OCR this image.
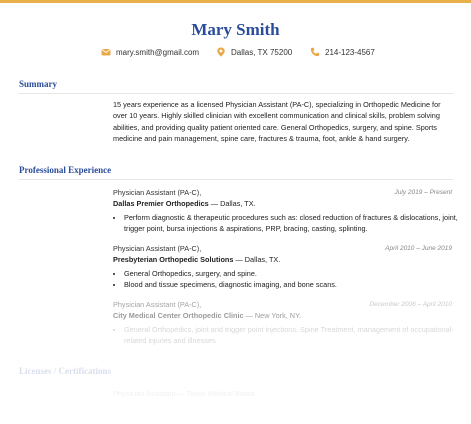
Mary Smith
mary.smith@gmail.com	Dallas, TX 75200	214-123-4567
Summary

15 years experience as a licensed Physician Assistant (PA-C), specializing in Orthopedic Medicine for over 10 years. Highly skilled clinician with excellent communication and clinical skills, problem solving abilities, and providing quality patient oriented care. General Orthopedics, surgery, and spine. Sports medicine and pain management, spine care, fractures & trauma, foot, ankle & hand surgery.

Professional Experience
Physician Assistant (PA-C),	July 2019 – Present
Dallas Premier Orthopedics — Dallas, TX.
• Perform diagnostic & therapeutic procedures such as: closed reduction of fractures & dislocations, joint, trigger point, bursa injections & aspirations, PRP, bracing, casting, splinting.
Physician Assistant (PA-C),	April 2010 – June 2019
Presbyterian Orthopedic Solutions — Dallas, TX.
• General Orthopedics, surgery, and spine.
• Blood and tissue specimens, diagnostic imaging, and bone scans.
Physician Assistant (PA-C),	December 2006 – April 2010
City Medical Center Orthopedic Clinic — New York, NY.
• General Orthopedics, joint and trigger point injections, Spine Treatment, management of occupational-related injuries and illnesses
Licenses / Certifications
Physician Assistant — Texas Medical Board
